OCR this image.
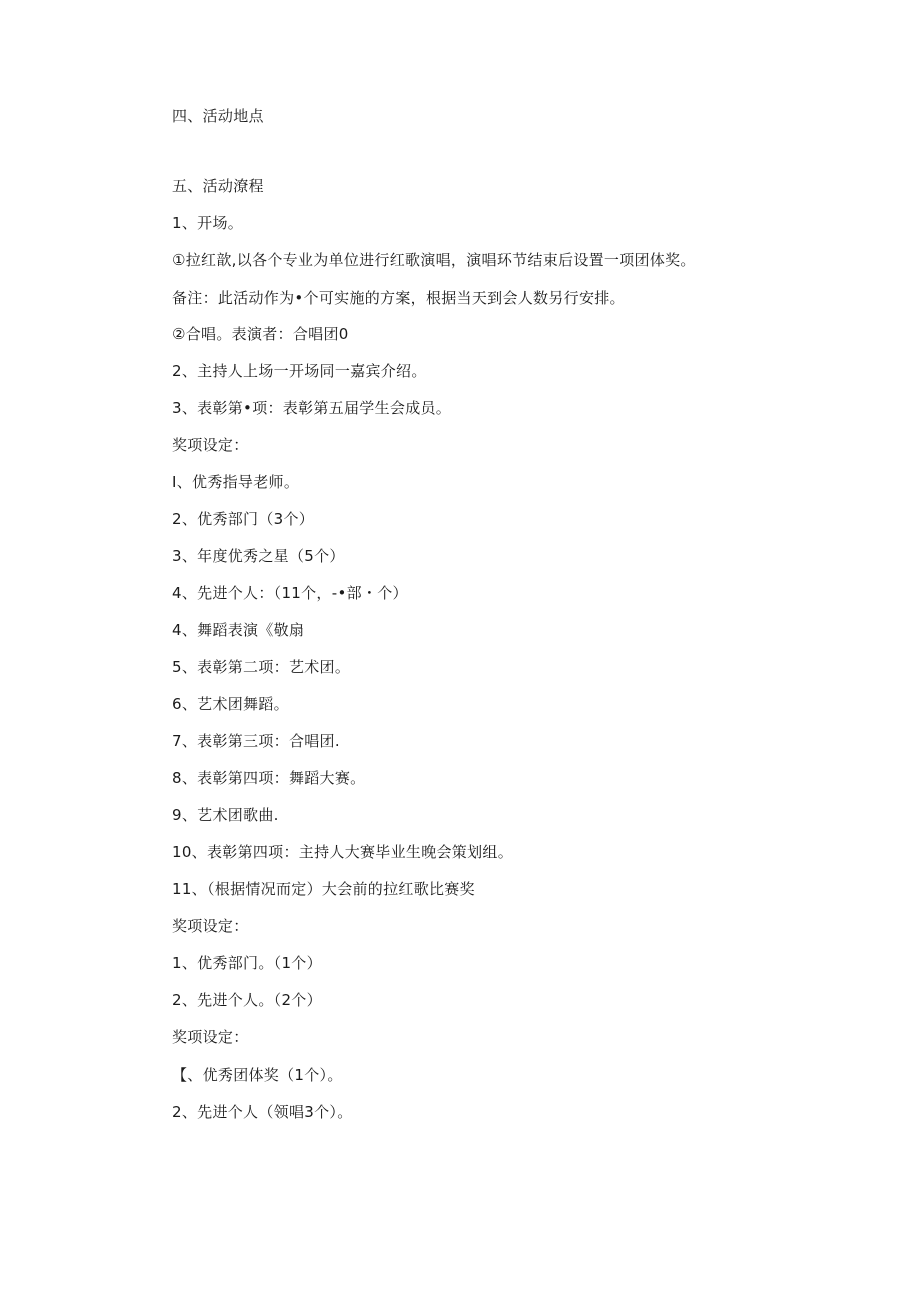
四、活动地点
五、活动潦程
1、开场。
①拉红歆,以各个专业为单位进行红歌演唱，演唱环节结束后设置一项团体奖。
备注：此活动作为•个可实施的方案，根据当天到会人数另行安排。
②合唱。表演者：合唱团0
2、主持人上场一开场同一嘉宾介绍。
3、表彰第•项：表彰第五届学生会成员。
奖项设定：
I、优秀指导老师。
2、优秀部门（3个）
3、年度优秀之星（5个）
4、先进个人：（11个，-•部・个）
4、舞蹈表演《敬扇
5、表彰第二项：艺术团。
6、艺术团舞蹈。
7、表彰第三项：合唱团.
8、表彰第四项：舞蹈大赛。
9、艺术团歌曲.
10、表彰第四项：主持人大赛毕业生晚会策划组。
11、（根据情况而定）大会前的拉红歌比赛奖
奖项设定：
1、优秀部门。（1个）
2、先进个人。（2个）
奖项设定：
【、优秀团体奖（1个）。
2、先进个人（领唱3个）。
